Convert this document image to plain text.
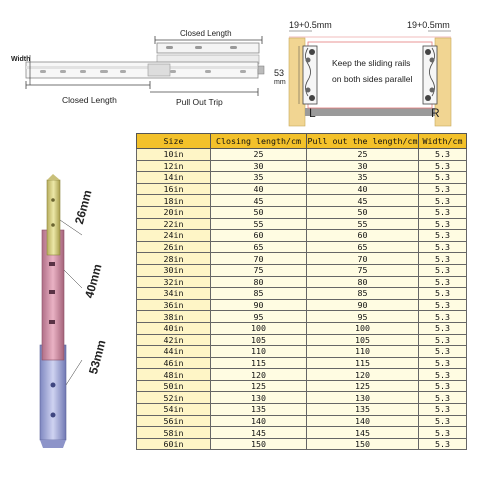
Width
Closed Length
Closed Length	Pull Out Trip
19+0.5mm	19+0.5mm
53
mm
Keep the sliding rails
on both sides parallel
L	R
26mm
40mm
53mm
Size	Closing length/cm	Pull out the length/cm	Width/cm
10in	25	25	5.3
12in	30	30	5.3
14in	35	35	5.3
16in	40	40	5.3
18in	45	45	5.3
20in	50	50	5.3
22in	55	55	5.3
24in	60	60	5.3
26in	65	65	5.3
28in	70	70	5.3
30in	75	75	5.3
32in	80	80	5.3
34in	85	85	5.3
36in	90	90	5.3
38in	95	95	5.3
40in	100	100	5.3
42in	105	105	5.3
44in	110	110	5.3
46in	115	115	5.3
48in	120	120	5.3
50in	125	125	5.3
52in	130	130	5.3
54in	135	135	5.3
56in	140	140	5.3
58in	145	145	5.3
60in	150	150	5.3
